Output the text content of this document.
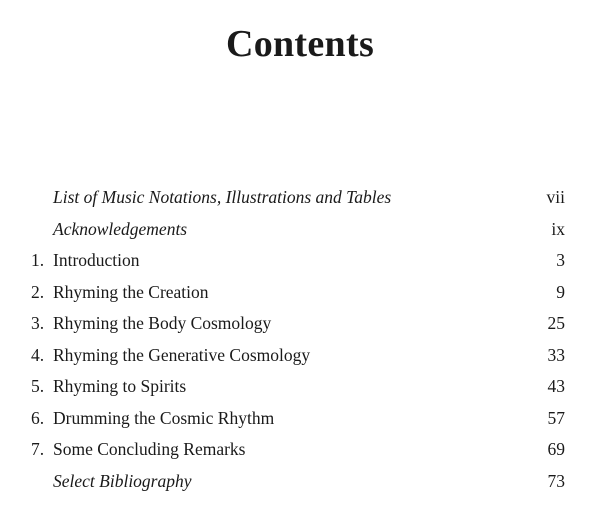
Contents
List of Music Notations, Illustrations and Tables	vii
Acknowledgements	ix
1. Introduction	3
2. Rhyming the Creation	9
3. Rhyming the Body Cosmology	25
4. Rhyming the Generative Cosmology	33
5. Rhyming to Spirits	43
6. Drumming the Cosmic Rhythm	57
7. Some Concluding Remarks	69
Select Bibliography	73
